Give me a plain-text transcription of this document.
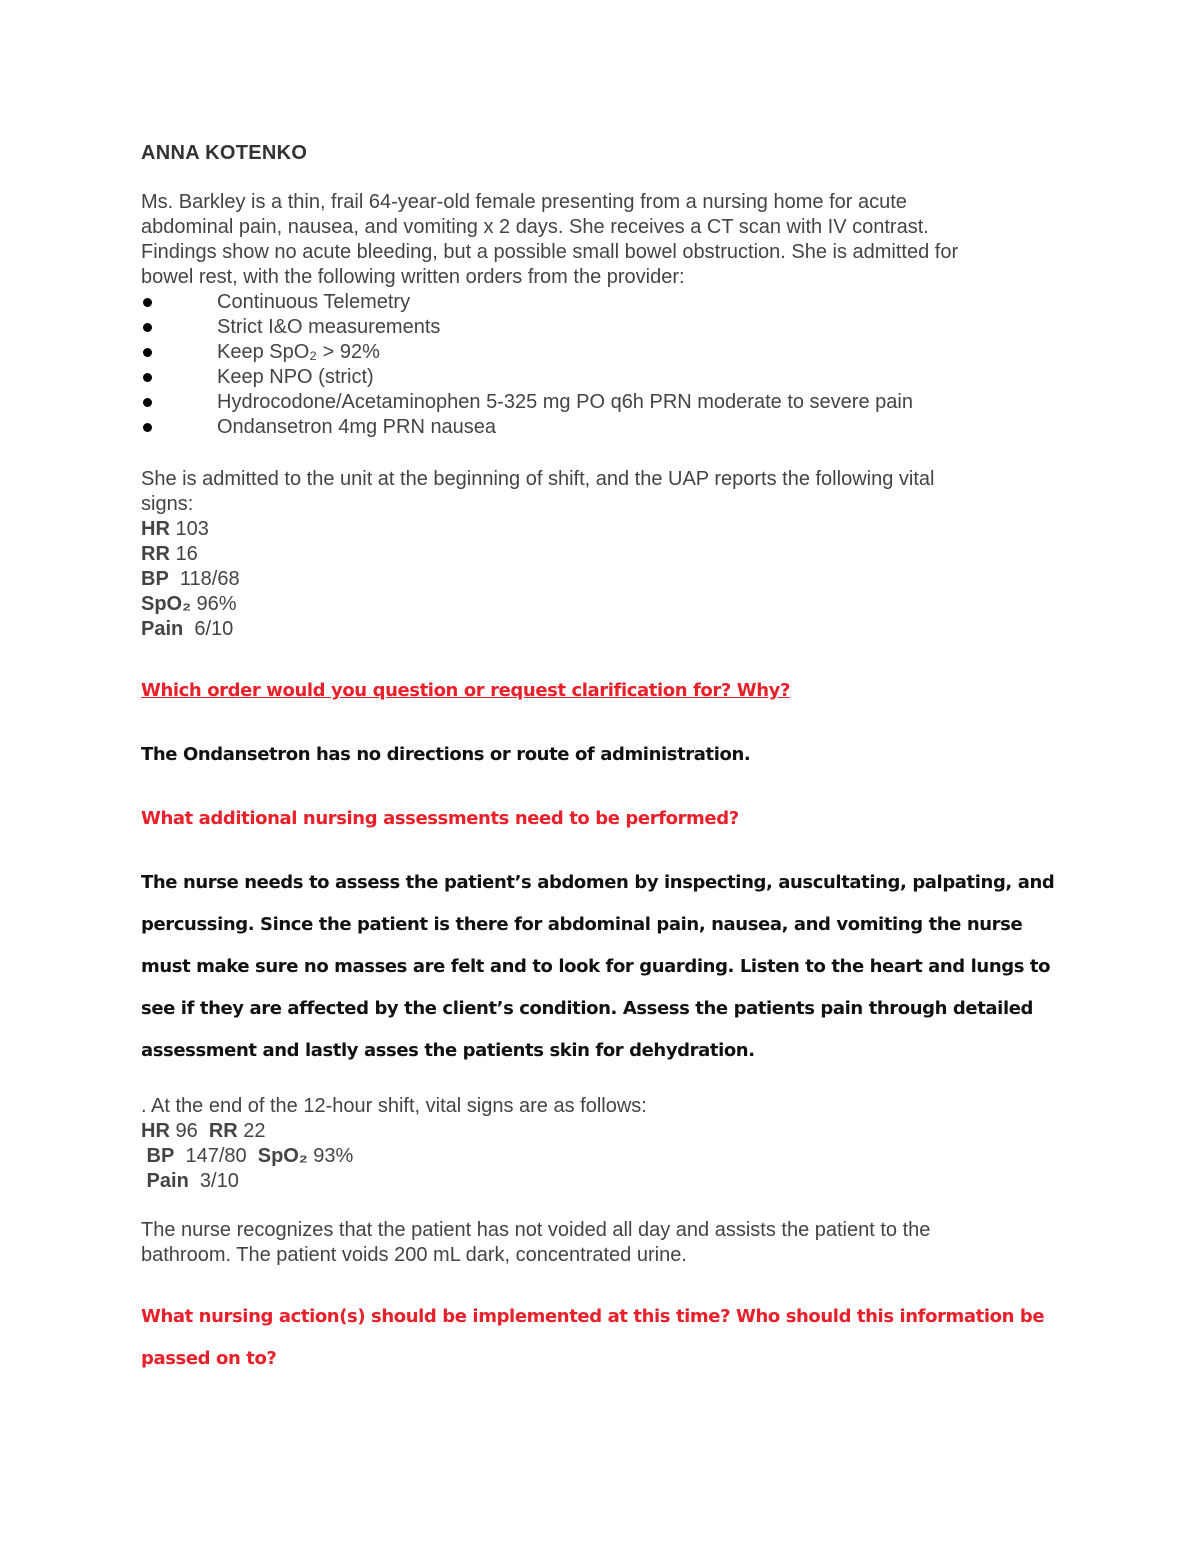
ANNA KOTENKO
Ms. Barkley is a thin, frail 64-year-old female presenting from a nursing home for acute
abdominal pain, nausea, and vomiting x 2 days. She receives a CT scan with IV contrast.
Findings show no acute bleeding, but a possible small bowel obstruction. She is admitted for
bowel rest, with the following written orders from the provider:
Continuous Telemetry
Strict I&O measurements
Keep SpO₂ > 92%
Keep NPO (strict)
Hydrocodone/Acetaminophen 5-325 mg PO q6h PRN moderate to severe pain
Ondansetron 4mg PRN nausea
She is admitted to the unit at the beginning of shift, and the UAP reports the following vital
signs:
HR 103
RR 16
BP  118/68
SpO₂ 96%
Pain  6/10
Which order would you question or request clarification for? Why?
The Ondansetron has no directions or route of administration.
What additional nursing assessments need to be performed?
The nurse needs to assess the patient’s abdomen by inspecting, auscultating, palpating, and
percussing. Since the patient is there for abdominal pain, nausea, and vomiting the nurse
must make sure no masses are felt and to look for guarding. Listen to the heart and lungs to
see if they are affected by the client’s condition. Assess the patients pain through detailed
assessment and lastly asses the patients skin for dehydration.
. At the end of the 12-hour shift, vital signs are as follows:
HR 96  RR 22
BP  147/80  SpO₂ 93%
Pain  3/10
The nurse recognizes that the patient has not voided all day and assists the patient to the
bathroom. The patient voids 200 mL dark, concentrated urine.
What nursing action(s) should be implemented at this time? Who should this information be
passed on to?
